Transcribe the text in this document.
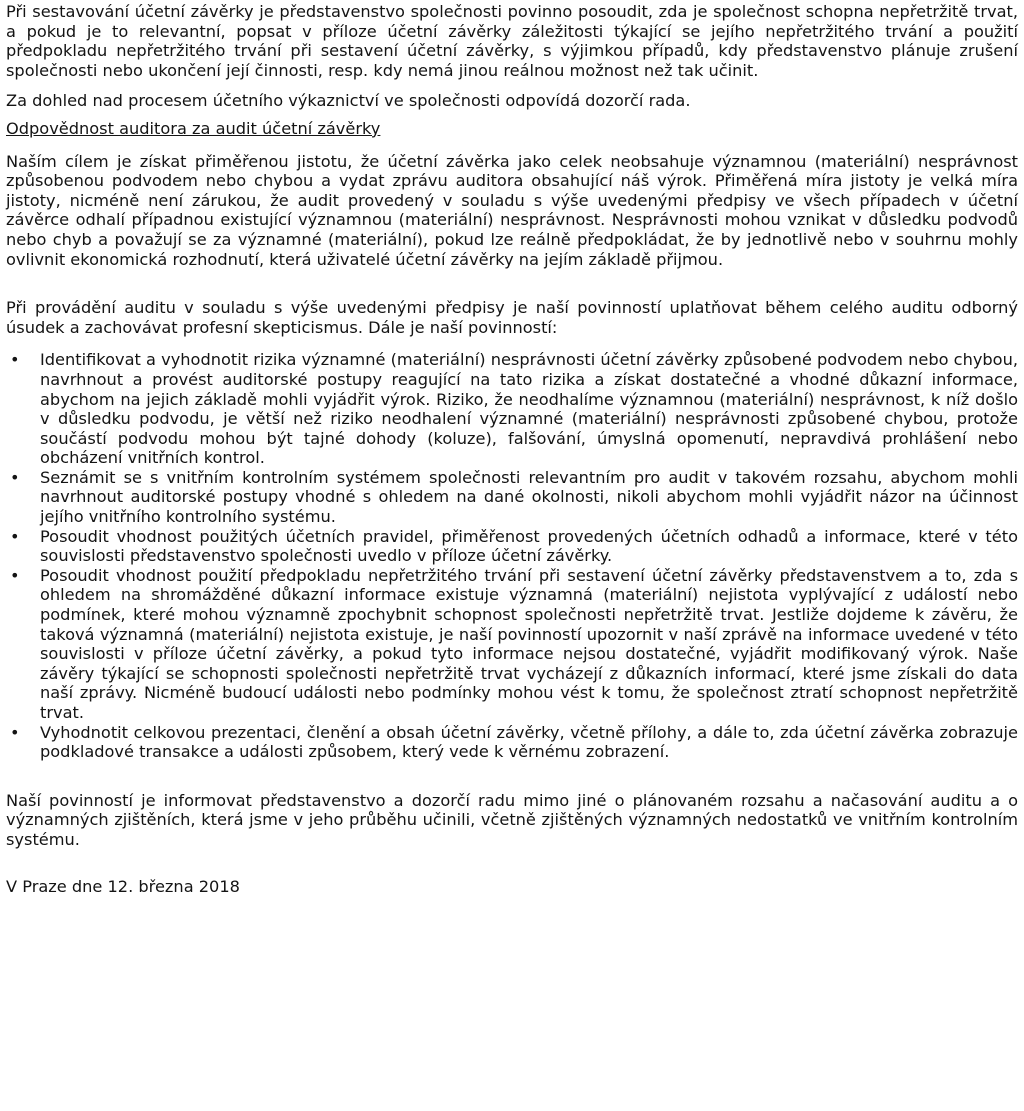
Při sestavování účetní závěrky je představenstvo společnosti povinno posoudit, zda je společnost schopna nepřetržitě trvat, a pokud je to relevantní, popsat v příloze účetní závěrky záležitosti týkající se jejího nepřetržitého trvání a použití předpokladu nepřetržitého trvání při sestavení účetní závěrky, s výjimkou případů, kdy představenstvo plánuje zrušení společnosti nebo ukončení její činnosti, resp. kdy nemá jinou reálnou možnost než tak učinit.

Za dohled nad procesem účetního výkaznictví ve společnosti odpovídá dozorčí rada.

Odpovědnost auditora za audit účetní závěrky

Naším cílem je získat přiměřenou jistotu, že účetní závěrka jako celek neobsahuje významnou (materiální) nesprávnost způsobenou podvodem nebo chybou a vydat zprávu auditora obsahující náš výrok. Přiměřená míra jistoty je velká míra jistoty, nicméně není zárukou, že audit provedený v souladu s výše uvedenými předpisy ve všech případech v účetní závěrce odhalí případnou existující významnou (materiální) nesprávnost. Nesprávnosti mohou vznikat v důsledku podvodů nebo chyb a považují se za významné (materiální), pokud lze reálně předpokládat, že by jednotlivě nebo v souhrnu mohly ovlivnit ekonomická rozhodnutí, která uživatelé účetní závěrky na jejím základě přijmou.

Při provádění auditu v souladu s výše uvedenými předpisy je naší povinností uplatňovat během celého auditu odborný úsudek a zachovávat profesní skepticismus. Dále je naší povinností:

• Identifikovat a vyhodnotit rizika významné (materiální) nesprávnosti účetní závěrky způsobené podvodem nebo chybou, navrhnout a provést auditorské postupy reagující na tato rizika a získat dostatečné a vhodné důkazní informace, abychom na jejich základě mohli vyjádřit výrok. Riziko, že neodhalíme významnou (materiální) nesprávnost, k níž došlo v důsledku podvodu, je větší než riziko neodhalení významné (materiální) nesprávnosti způsobené chybou, protože součástí podvodu mohou být tajné dohody (koluze), falšování, úmyslná opomenutí, nepravdivá prohlášení nebo obcházení vnitřních kontrol.
• Seznámit se s vnitřním kontrolním systémem společnosti relevantním pro audit v takovém rozsahu, abychom mohli navrhnout auditorské postupy vhodné s ohledem na dané okolnosti, nikoli abychom mohli vyjádřit názor na účinnost jejího vnitřního kontrolního systému.
• Posoudit vhodnost použitých účetních pravidel, přiměřenost provedených účetních odhadů a informace, které v této souvislosti představenstvo společnosti uvedlo v příloze účetní závěrky.
• Posoudit vhodnost použití předpokladu nepřetržitého trvání při sestavení účetní závěrky představenstvem a to, zda s ohledem na shromážděné důkazní informace existuje významná (materiální) nejistota vyplývající z událostí nebo podmínek, které mohou významně zpochybnit schopnost společnosti nepřetržitě trvat. Jestliže dojdeme k závěru, že taková významná (materiální) nejistota existuje, je naší povinností upozornit v naší zprávě na informace uvedené v této souvislosti v příloze účetní závěrky, a pokud tyto informace nejsou dostatečné, vyjádřit modifikovaný výrok. Naše závěry týkající se schopnosti společnosti nepřetržitě trvat vycházejí z důkazních informací, které jsme získali do data naší zprávy. Nicméně budoucí události nebo podmínky mohou vést k tomu, že společnost ztratí schopnost nepřetržitě trvat.
• Vyhodnotit celkovou prezentaci, členění a obsah účetní závěrky, včetně přílohy, a dále to, zda účetní závěrka zobrazuje podkladové transakce a události způsobem, který vede k věrnému zobrazení.

Naší povinností je informovat představenstvo a dozorčí radu mimo jiné o plánovaném rozsahu a načasování auditu a o významných zjištěních, která jsme v jeho průběhu učinili, včetně zjištěných významných nedostatků ve vnitřním kontrolním systému.

V Praze dne 12. března 2018
